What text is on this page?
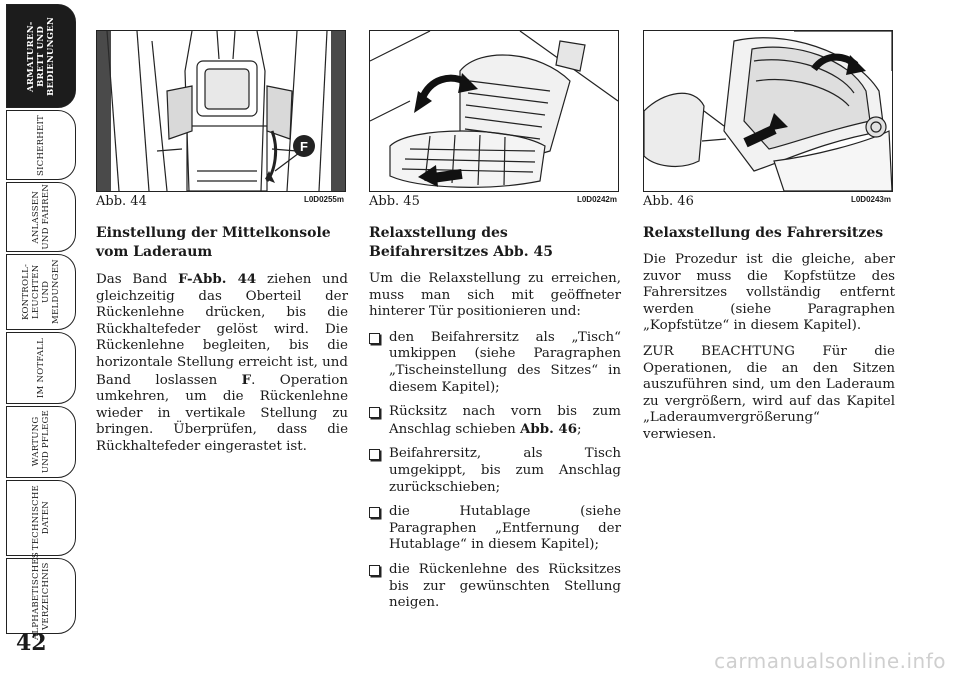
ARMATUREN-
BRETT UND
BEDIENUNGEN
SICHERHEIT
ANLASSEN
UND FAHREN
KONTROLL-
LEUCHTEN UND
MELDUNGEN
IM NOTFALL
WARTUNG
UND PFLEGE
TECHNISCHE
DATEN
ALPHABETISCHES
VERZEICHNIS
42
F
Abb. 44	L0D0255m Abb. 45	L0D0242m Abb. 46	L0D0243m
Einstellung der Mittelkonsole vom Laderaum

Das Band F-Abb. 44 ziehen und gleichzeitig das Oberteil der Rückenlehne drücken, bis die Rückhaltefeder gelöst wird. Die Rückenlehne begleiten, bis die horizontale Stellung erreicht ist, und Band loslassen F. Operation umkehren, um die Rückenlehne wieder in vertikale Stellung zu bringen. Überprüfen, dass die Rückhaltefeder eingerastet ist.

Relaxstellung des Beifahrersitzes Abb. 45

Um die Relaxstellung zu erreichen, muss man sich mit geöffneter hinterer Tür positionieren und:

den Beifahrersitz als „Tisch“ umkippen (siehe Paragraphen „Tischeinstellung des Sitzes“ in diesem Kapitel);
Rücksitz nach vorn bis zum Anschlag schieben Abb. 46;
Beifahrersitz, als Tisch umgekippt, bis zum Anschlag zurückschieben;
die Hutablage (siehe Paragraphen „Entfernung der Hutablage“ in diesem Kapitel);
die Rückenlehne des Rücksitzes bis zur gewünschten Stellung neigen.
Relaxstellung des Fahrersitzes

Die Prozedur ist die gleiche, aber zuvor muss die Kopfstütze des Fahrersitzes vollständig entfernt werden (siehe Paragraphen „Kopfstütze“ in diesem Kapitel).

ZUR BEACHTUNG Für die Operationen, die an den Sitzen auszuführen sind, um den Laderaum zu vergrößern, wird auf das Kapitel „Laderaumvergrößerung“ verwiesen.

carmanualsonline.info
